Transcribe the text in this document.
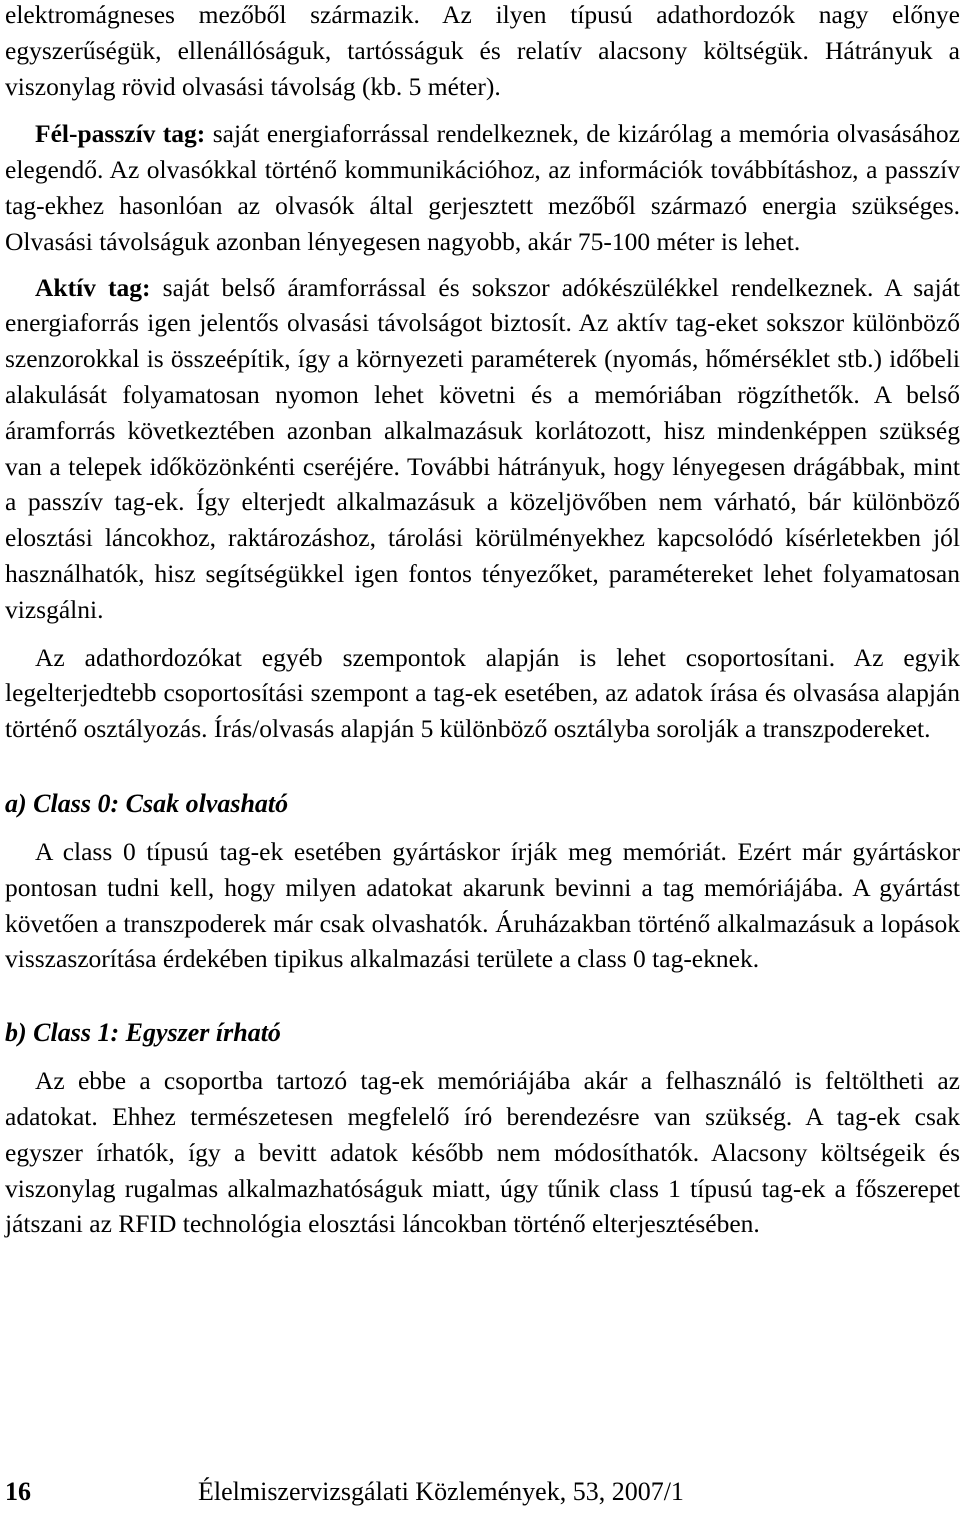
elektromágneses mezőből származik. Az ilyen típusú adathordozók nagy előnye egyszerűségük, ellenállóságuk, tartósságuk és relatív alacsony költségük. Hátrányuk a viszonylag rövid olvasási távolság (kb. 5 méter).

Fél-passzív tag: saját energiaforrással rendelkeznek, de kizárólag a memória olvasásához elegendő. Az olvasókkal történő kommunikációhoz, az információk továbbításhoz, a passzív tag-ekhez hasonlóan az olvasók által gerjesztett mezőből származó energia szükséges. Olvasási távolságuk azonban lényegesen nagyobb, akár 75-100 méter is lehet.

Aktív tag: saját belső áramforrással és sokszor adókészülékkel rendelkeznek. A saját energiaforrás igen jelentős olvasási távolságot biztosít. Az aktív tag-eket sokszor különböző szenzorokkal is összeépítik, így a környezeti paraméterek (nyomás, hőmérséklet stb.) időbeli alakulását folyamatosan nyomon lehet követni és a memóriában rögzíthetők. A belső áramforrás következtében azonban alkalmazásuk korlátozott, hisz mindenképpen szükség van a telepek időközönkénti cseréjére. További hátrányuk, hogy lényegesen drágábbak, mint a passzív tag-ek. Így elterjedt alkalmazásuk a közeljövőben nem várható, bár különböző elosztási láncokhoz, raktározáshoz, tárolási körülményekhez kapcsolódó kísérletekben jól használhatók, hisz segítségükkel igen fontos tényezőket, paramétereket lehet folyamatosan vizsgálni.

Az adathordozókat egyéb szempontok alapján is lehet csoportosítani. Az egyik legelterjedtebb csoportosítási szempont a tag-ek esetében, az adatok írása és olvasása alapján történő osztályozás. Írás/olvasás alapján 5 különböző osztályba sorolják a transzpodereket.

a) Class 0: Csak olvasható

A class 0 típusú tag-ek esetében gyártáskor írják meg memóriát. Ezért már gyártáskor pontosan tudni kell, hogy milyen adatokat akarunk bevinni a tag memóriájába. A gyártást követően a transzpoderek már csak olvashatók. Áruházakban történő alkalmazásuk a lopások visszaszorítása érdekében tipikus alkalmazási területe a class 0 tag-eknek.

b) Class 1: Egyszer írható

Az ebbe a csoportba tartozó tag-ek memóriájába akár a felhasználó is feltöltheti az adatokat. Ehhez természetesen megfelelő író berendezésre van szükség. A tag-ek csak egyszer írhatók, így a bevitt adatok később nem módosíthatók. Alacsony költségeik és viszonylag rugalmas alkalmazhatóságuk miatt, úgy tűnik class 1 típusú tag-ek a főszerepet játszani az RFID technológia elosztási láncokban történő elterjesztésében.

16	Élelmiszervizsgálati Közlemények, 53, 2007/1
